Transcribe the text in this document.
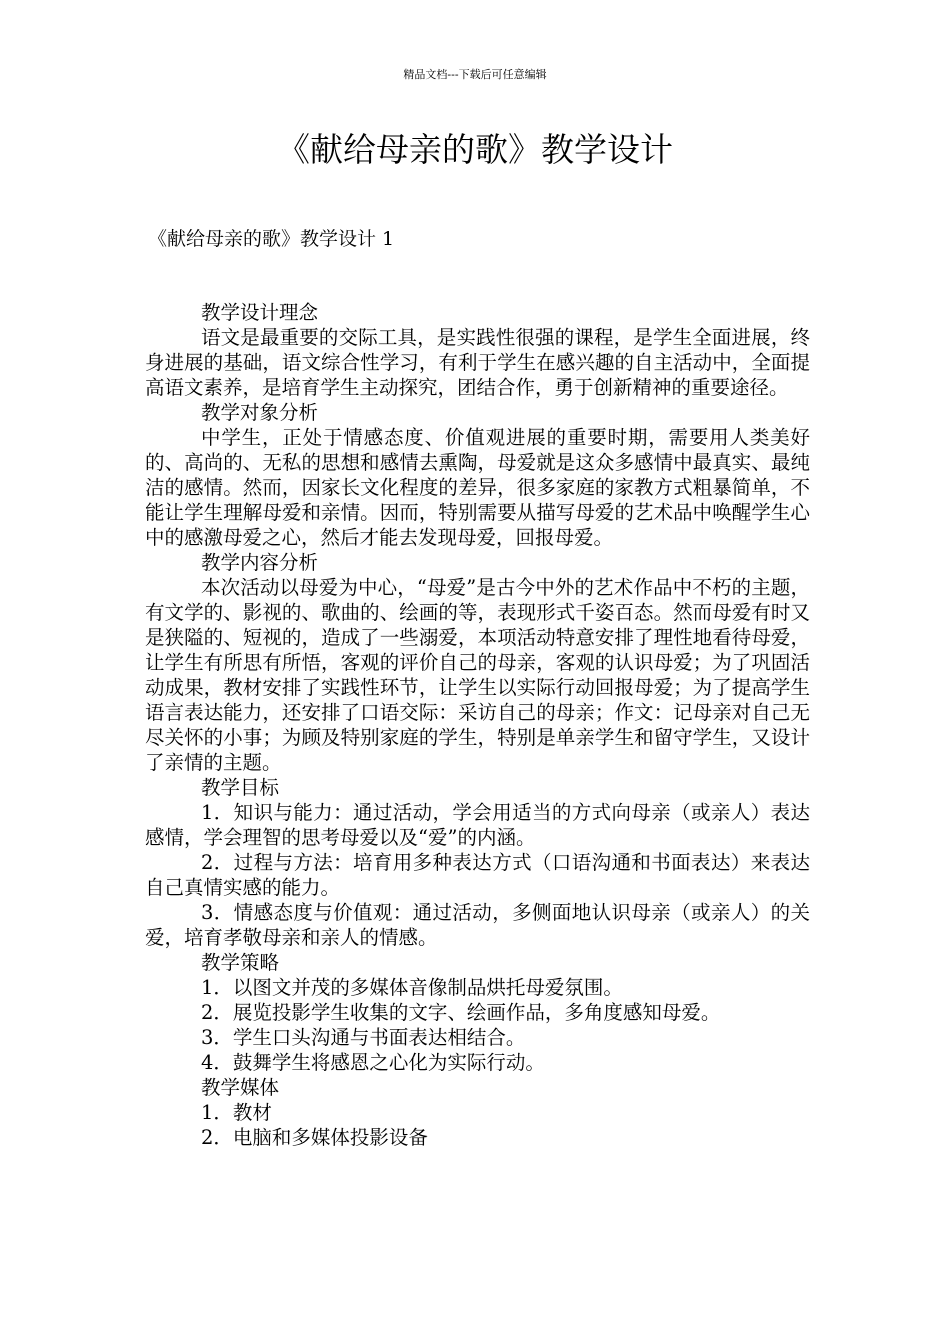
精品文档---下载后可任意编辑
《献给母亲的歌》教学设计
《献给母亲的歌》教学设计 1

教学设计理念

语文是最重要的交际工具，是实践性很强的课程，是学生全面进展，终身进展的基础，语文综合性学习，有利于学生在感兴趣的自主活动中，全面提高语文素养，是培育学生主动探究，团结合作，勇于创新精神的重要途径。

教学对象分析

中学生，正处于情感态度、价值观进展的重要时期，需要用人类美好的、高尚的、无私的思想和感情去熏陶，母爱就是这众多感情中最真实、最纯洁的感情。然而，因家长文化程度的差异，很多家庭的家教方式粗暴简单，不能让学生理解母爱和亲情。因而，特别需要从描写母爱的艺术品中唤醒学生心中的感激母爱之心，然后才能去发现母爱，回报母爱。

教学内容分析

本次活动以母爱为中心，“母爱”是古今中外的艺术作品中不朽的主题，有文学的、影视的、歌曲的、绘画的等，表现形式千姿百态。然而母爱有时又是狭隘的、短视的，造成了一些溺爱，本项活动特意安排了理性地看待母爱，让学生有所思有所悟，客观的评价自己的母亲，客观的认识母爱；为了巩固活动成果，教材安排了实践性环节，让学生以实际行动回报母爱；为了提高学生语言表达能力，还安排了口语交际：采访自己的母亲；作文：记母亲对自己无尽关怀的小事；为顾及特别家庭的学生，特别是单亲学生和留守学生，又设计了亲情的主题。

教学目标

1．知识与能力：通过活动，学会用适当的方式向母亲（或亲人）表达感情，学会理智的思考母爱以及“爱”的内涵。

2．过程与方法：培育用多种表达方式（口语沟通和书面表达）来表达自己真情实感的能力。

3．情感态度与价值观：通过活动，多侧面地认识母亲（或亲人）的关爱，培育孝敬母亲和亲人的情感。

教学策略

1．以图文并茂的多媒体音像制品烘托母爱氛围。

2．展览投影学生收集的文字、绘画作品，多角度感知母爱。

3．学生口头沟通与书面表达相结合。

4．鼓舞学生将感恩之心化为实际行动。

教学媒体

1．教材

2．电脑和多媒体投影设备
